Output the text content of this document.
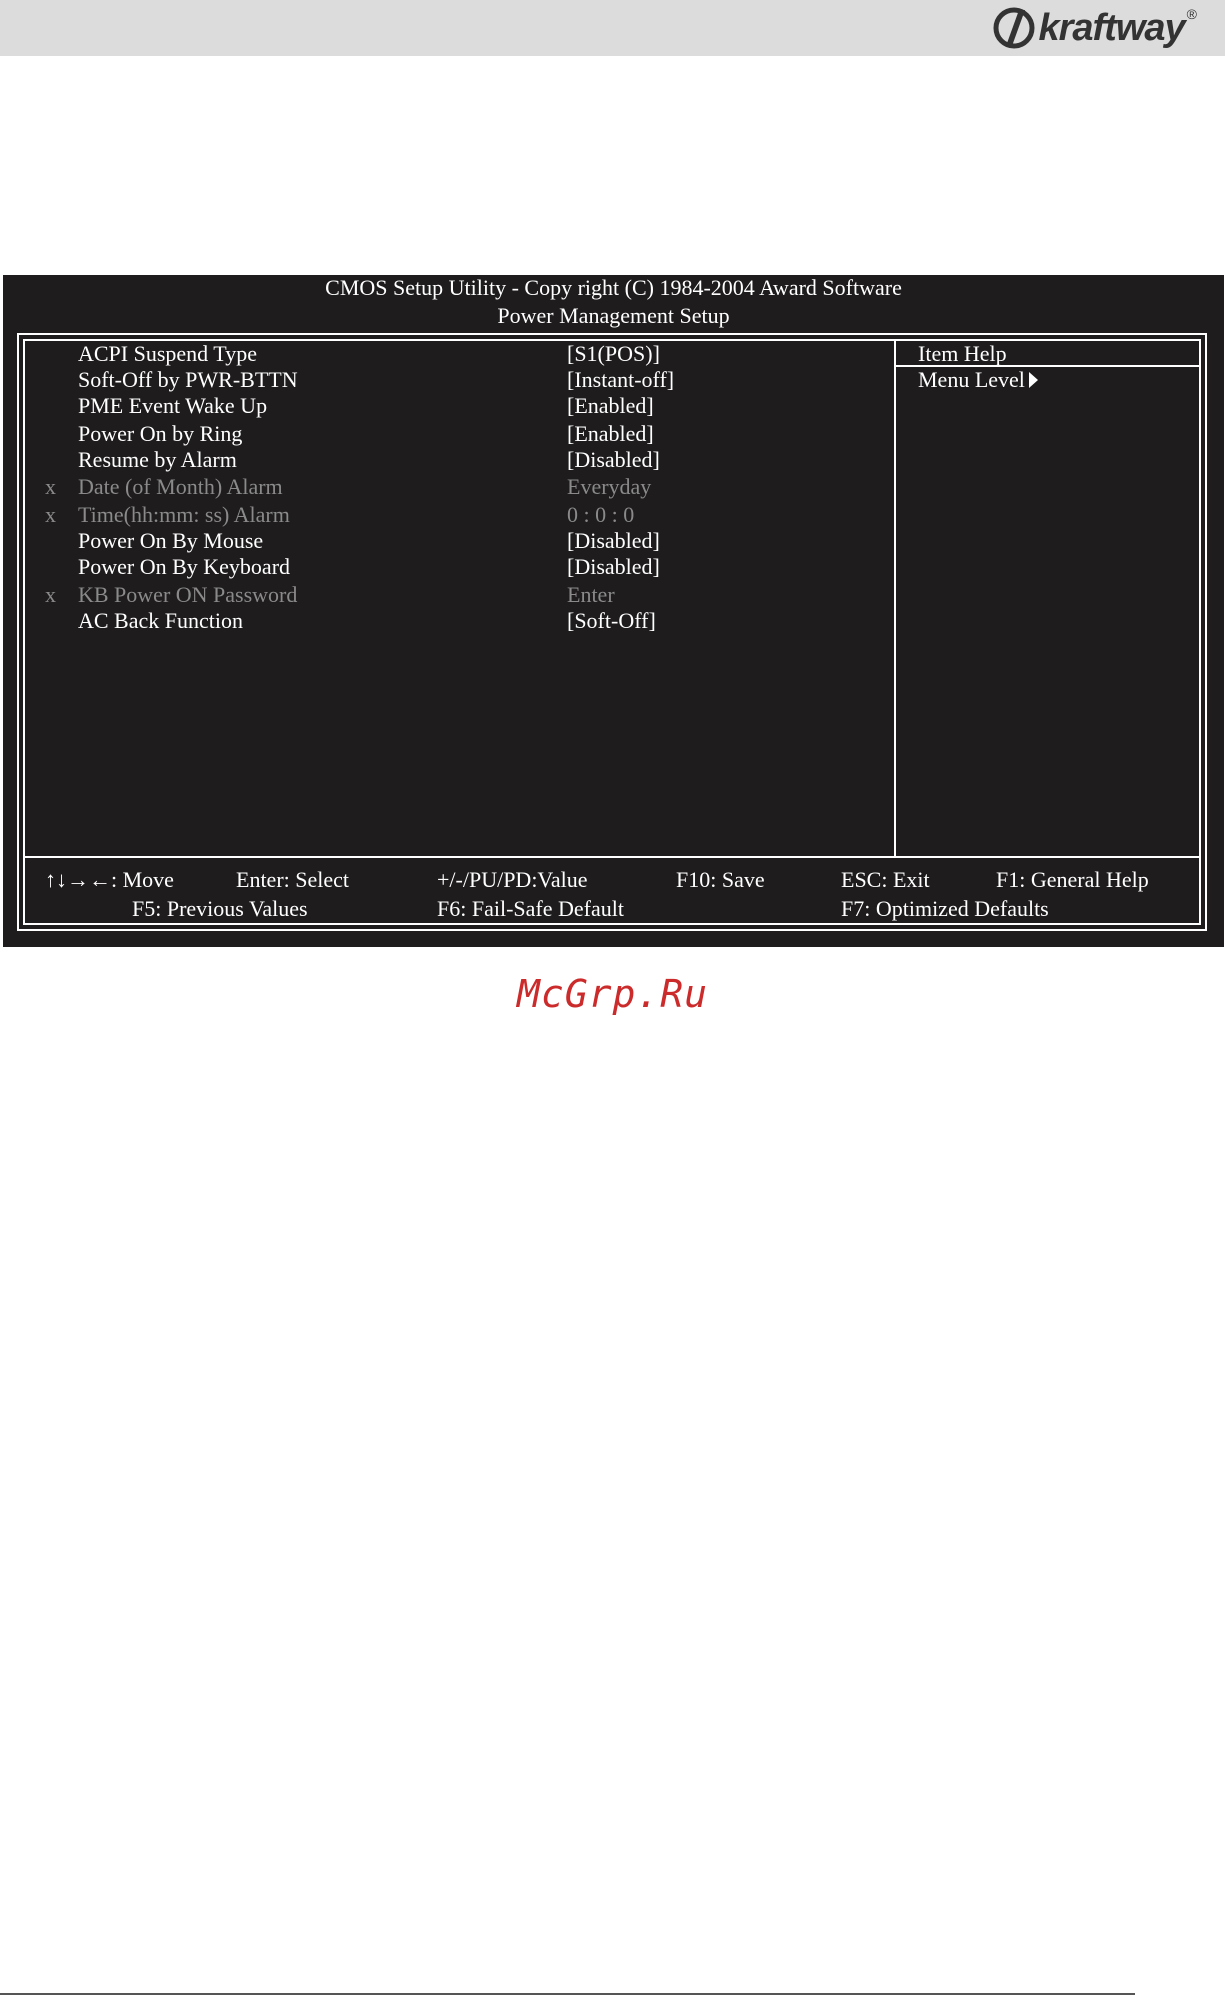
kraftway ®
CMOS Setup Utility - Copy right (C) 1984-2004 Award Software
Power Management Setup
ACPI Suspend Type	[S1(POS)]
Soft-Off by PWR-BTTN	[Instant-off]
PME Event Wake Up	[Enabled]
Power On by Ring	[Enabled]
Resume by Alarm	[Disabled]
x Date (of Month) Alarm	Everyday
x Time(hh:mm: ss) Alarm	0 : 0 : 0
Power On By Mouse	[Disabled]
Power On By Keyboard	[Disabled]
x KB Power ON Password	Enter
AC Back Function	[Soft-Off]
Item Help
Menu Level
↑↓→←: Move	Enter: Select	+/-/PU/PD:Value	F10: Save	ESC: Exit	F1: General Help
F5: Previous Values	F6: Fail-Safe Default	F7: Optimized Defaults
McGrp.Ru
